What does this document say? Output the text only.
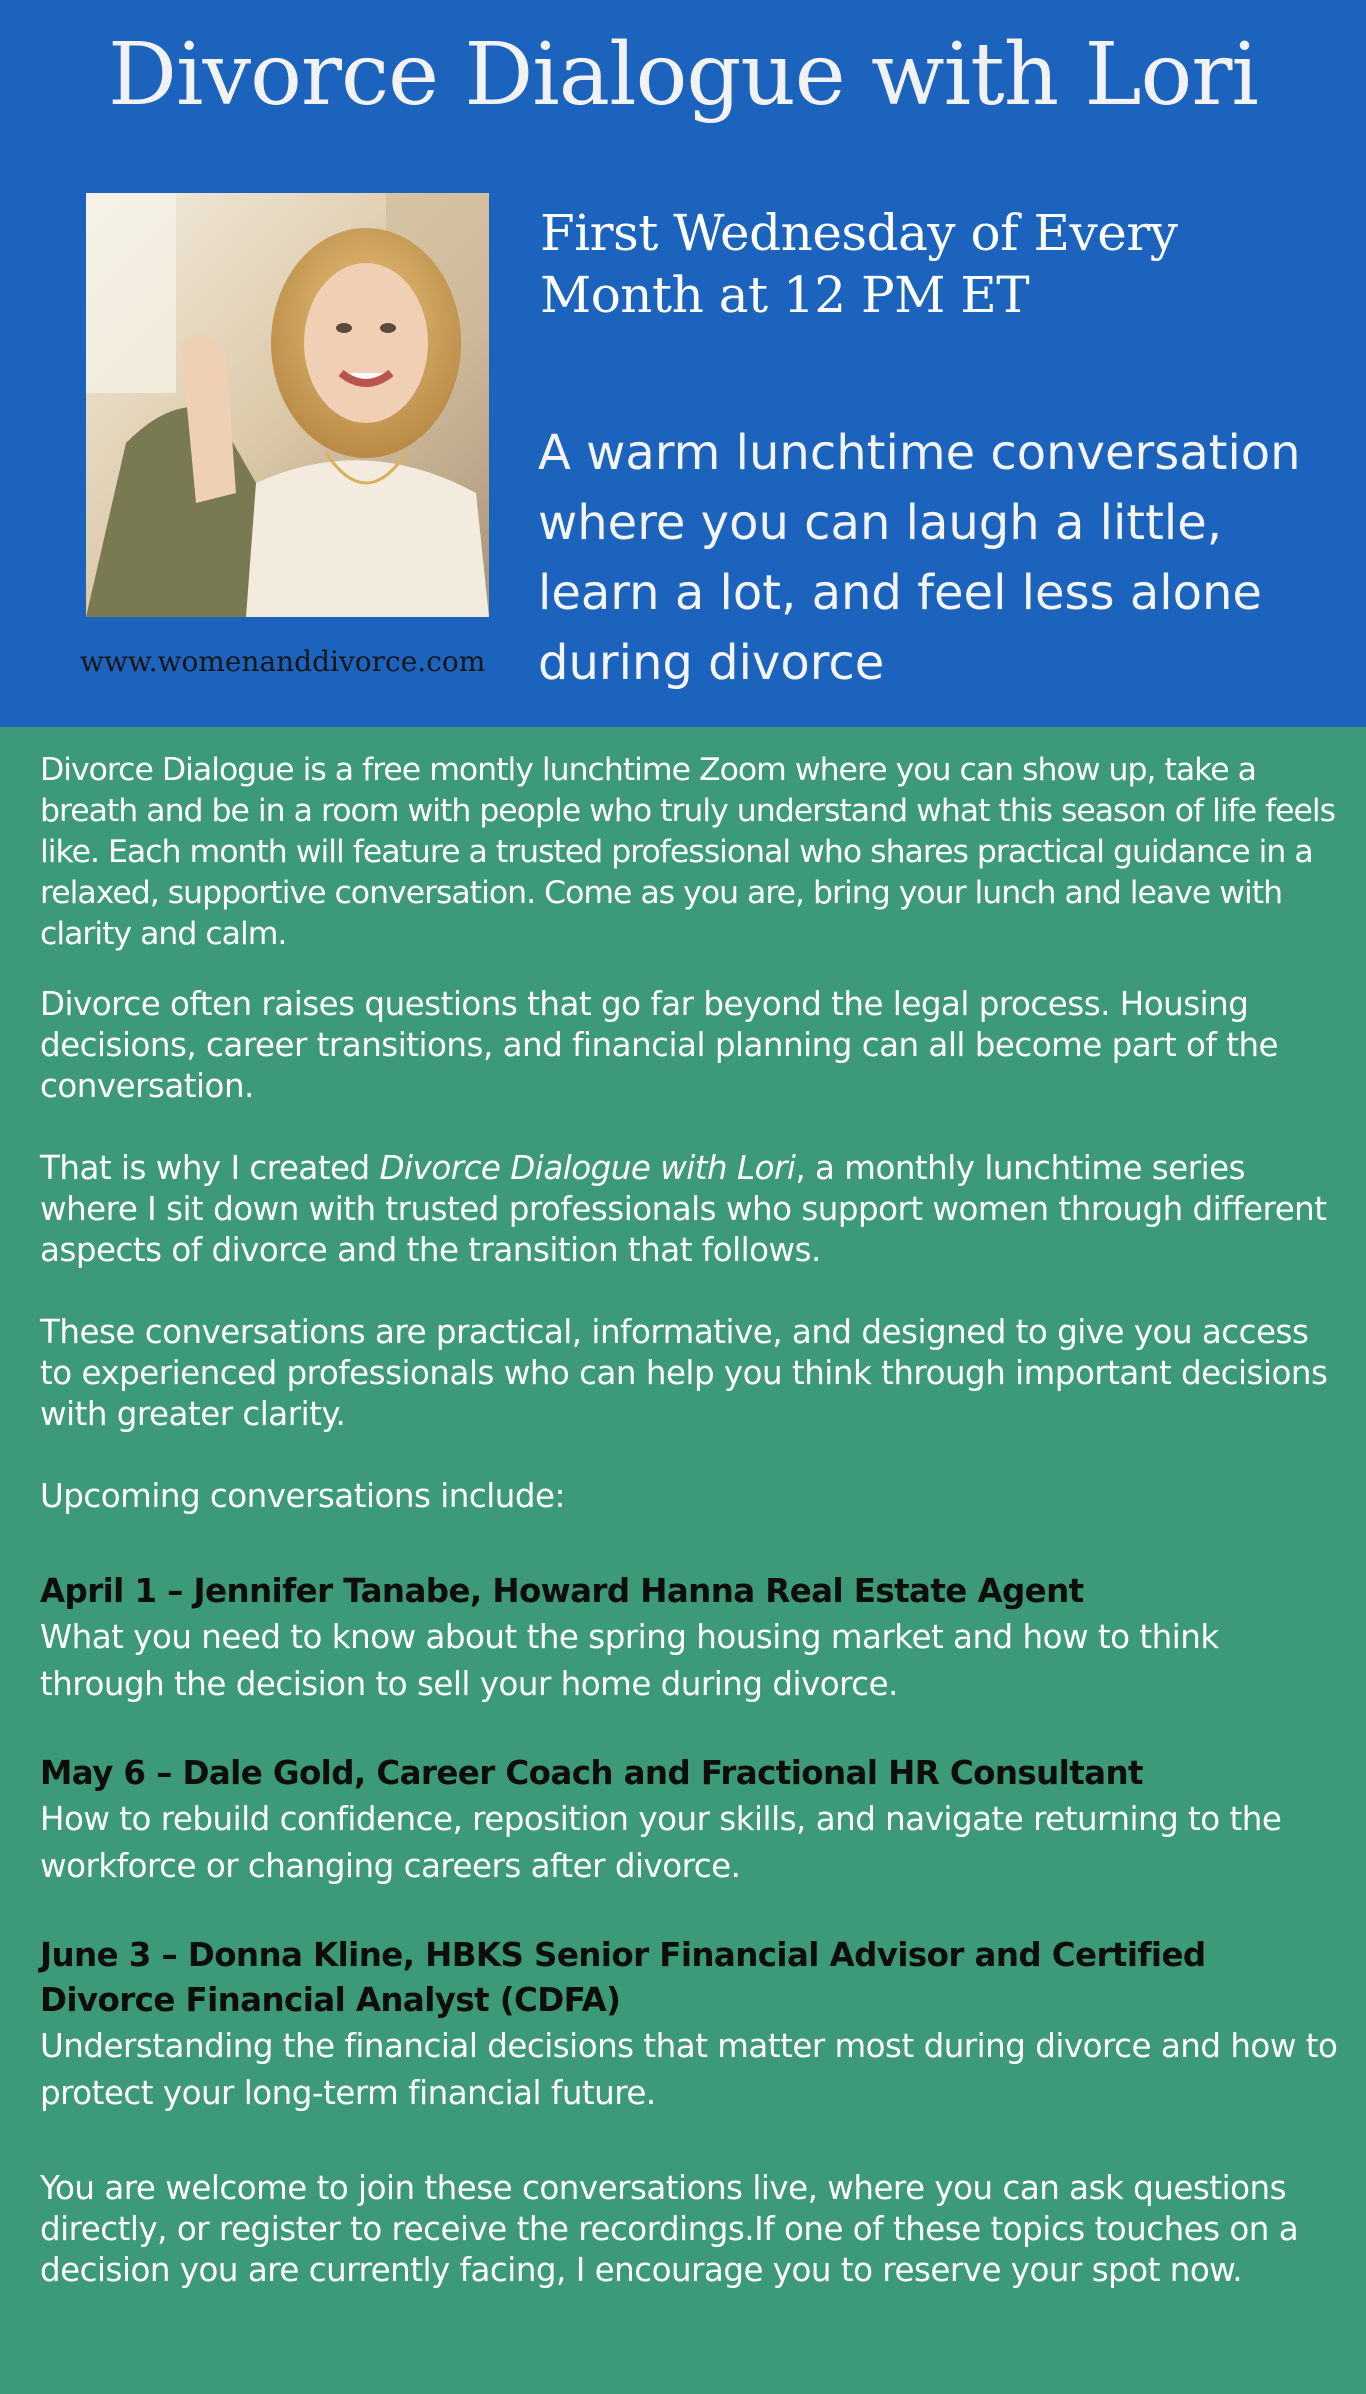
Divorce Dialogue with Lori
www.womenanddivorce.com
First Wednesday of Every
Month at 12 PM ET
A warm lunchtime conversation where you can laugh a little, learn a lot, and feel less alone during divorce

Divorce Dialogue is a free montly lunchtime Zoom where you can show up, take a breath and be in a room with people who truly understand what this season of life feels like. Each month will feature a trusted professional who shares practical guidance in a relaxed, supportive conversation. Come as you are, bring your lunch and leave with clarity and calm.

Divorce often raises questions that go far beyond the legal process. Housing decisions, career transitions, and financial planning can all become part of the conversation.

That is why I created Divorce Dialogue with Lori, a monthly lunchtime series where I sit down with trusted professionals who support women through different aspects of divorce and the transition that follows.

These conversations are practical, informative, and designed to give you access to experienced professionals who can help you think through important decisions with greater clarity.

Upcoming conversations include:

April 1 – Jennifer Tanabe, Howard Hanna Real Estate Agent

What you need to know about the spring housing market and how to think through the decision to sell your home during divorce.

May 6 – Dale Gold, Career Coach and Fractional HR Consultant

How to rebuild confidence, reposition your skills, and navigate returning to the workforce or changing careers after divorce.

June 3 – Donna Kline, HBKS Senior Financial Advisor and Certified Divorce Financial Analyst (CDFA)

Understanding the financial decisions that matter most during divorce and how to protect your long-term financial future.

You are welcome to join these conversations live, where you can ask questions directly, or register to receive the recordings.If one of these topics touches on a decision you are currently facing, I encourage you to reserve your spot now.
